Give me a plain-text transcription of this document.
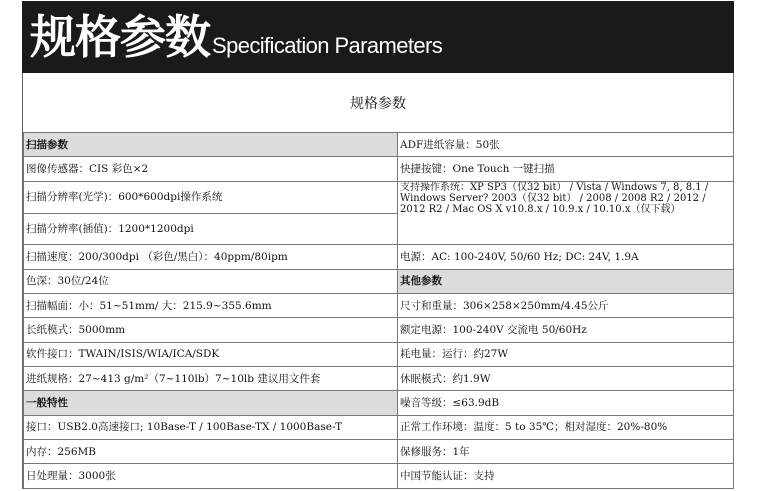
规格参数 Specification Parameters
规格参数
扫描参数	ADF进纸容量：50张
图像传感器：CIS 彩色×2	快捷按键：One Touch 一键扫描
扫描分辨率(光学)：600*600dpi操作系统	支持操作系统：XP SP3（仅32 bit） / Vista / Windows 7, 8, 8.1 / Windows Server? 2003（仅32 bit） / 2008 / 2008 R2 / 2012 / 2012 R2 / Mac OS X v10.8.x / 10.9.x / 10.10.x（仅下载）
扫描分辨率(插值)：1200*1200dpi	
扫描速度：200/300dpi （彩色/黑白）：40ppm/80ipm	电源：AC: 100-240V, 50/60 Hz; DC: 24V, 1.9A
色深：30位/24位	其他参数
扫描幅面：小：51~51mm/ 大：215.9~355.6mm	尺寸和重量：306×258×250mm/4.45公斤
长纸模式：5000mm	额定电源：100-240V 交流电 50/60Hz
软件接口：TWAIN/ISIS/WIA/ICA/SDK	耗电量：运行：约27W
进纸规格：27~413 g/m²（7~110lb）7~10lb 建议用文件套	休眠模式：约1.9W
一般特性	噪音等级：≤63.9dB
接口：USB2.0高速接口; 10Base-T / 100Base-TX / 1000Base-T	正常工作环境：温度：5 to 35℃；相对湿度：20%-80%
内存：256MB	保修服务：1年
日处理量：3000张	中国节能认证：支持
